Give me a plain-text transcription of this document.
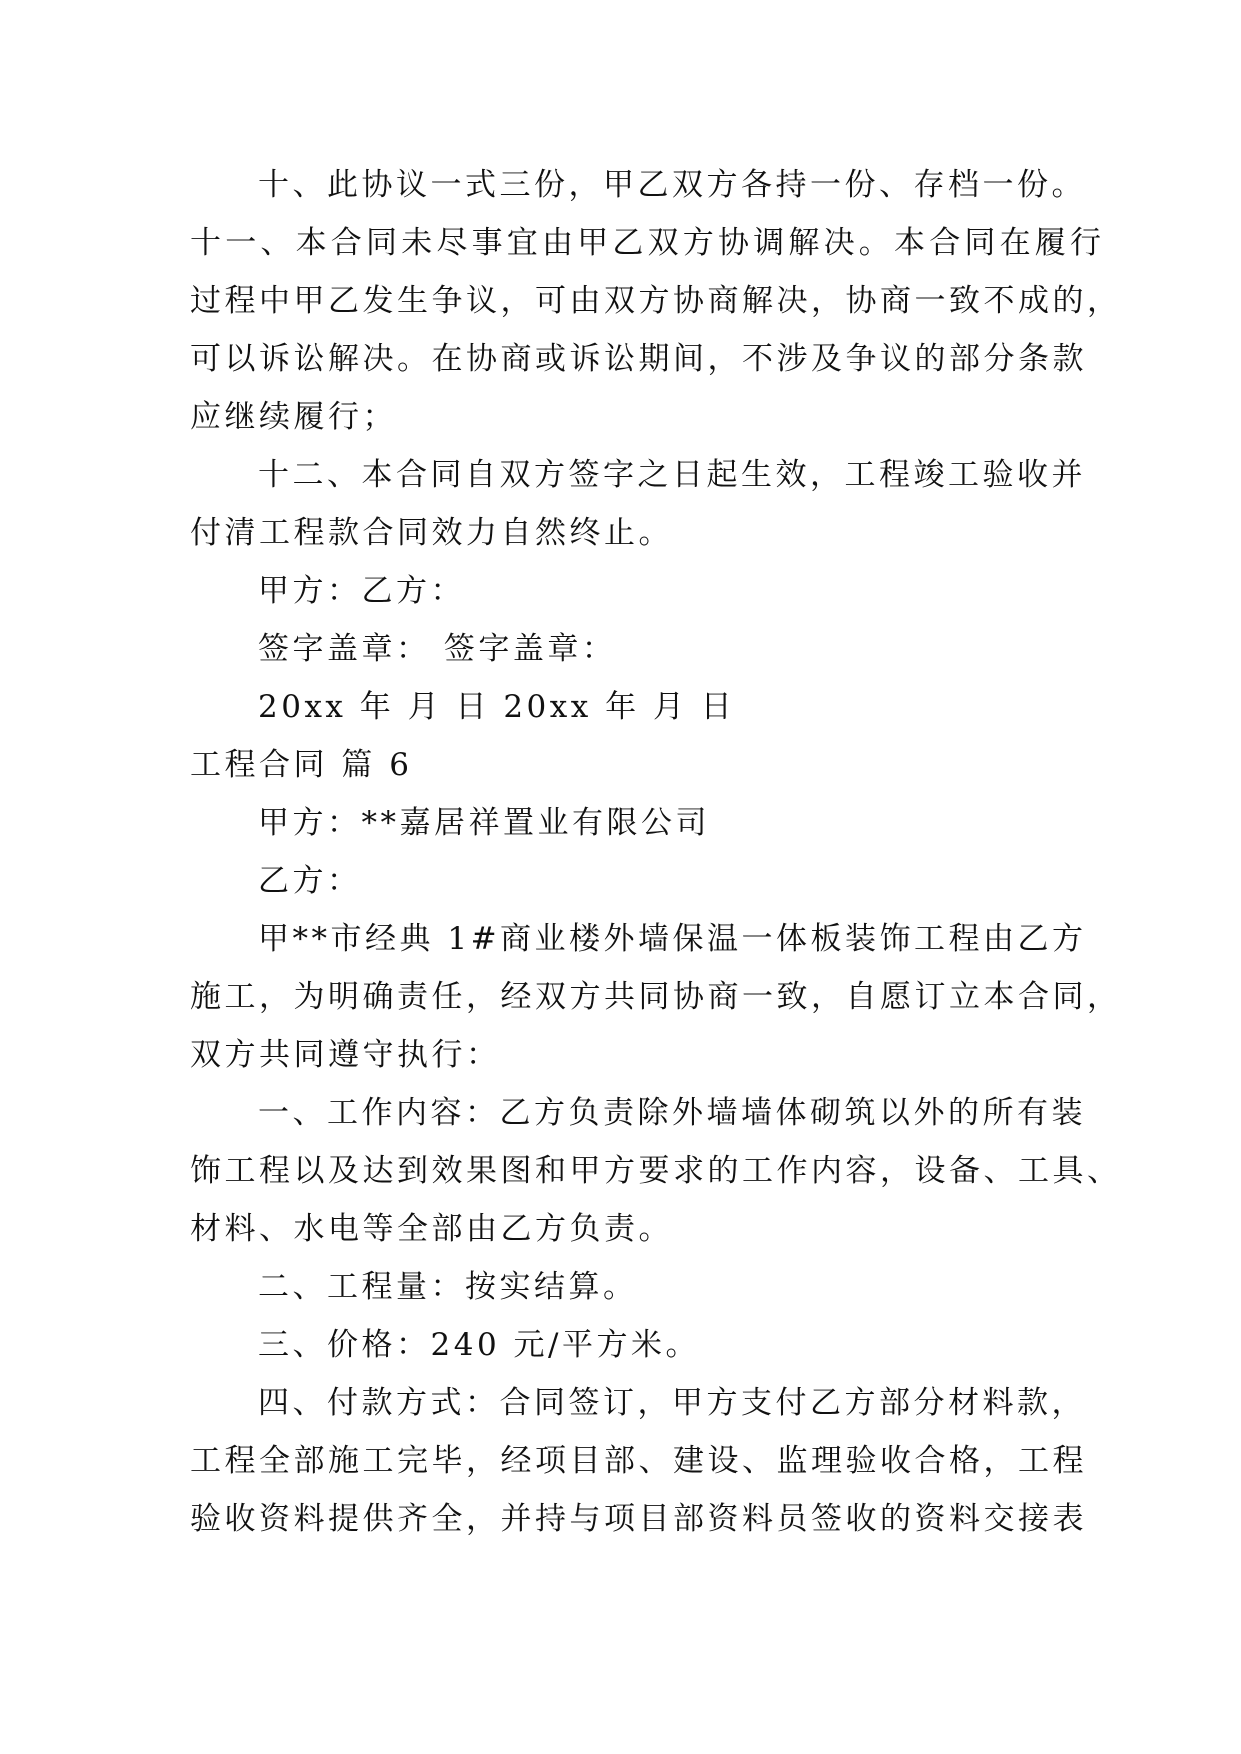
十、此协议一式三份，甲乙双方各持一份、存档一份。
十一、本合同未尽事宜由甲乙双方协调解决。本合同在履行
过程中甲乙发生争议，可由双方协商解决，协商一致不成的，
可以诉讼解决。在协商或诉讼期间，不涉及争议的部分条款
应继续履行；
十二、本合同自双方签字之日起生效，工程竣工验收并
付清工程款合同效力自然终止。
甲方：乙方：
签字盖章： 签字盖章：
20xx 年 月 日 20xx 年 月 日
工程合同 篇 6
甲方：**嘉居祥置业有限公司
乙方：
甲**市经典 1#商业楼外墙保温一体板装饰工程由乙方
施工，为明确责任，经双方共同协商一致，自愿订立本合同，
双方共同遵守执行：
一、工作内容：乙方负责除外墙墙体砌筑以外的所有装
饰工程以及达到效果图和甲方要求的工作内容，设备、工具、
材料、水电等全部由乙方负责。
二、工程量：按实结算。
三、价格：240 元/平方米。
四、付款方式：合同签订，甲方支付乙方部分材料款，
工程全部施工完毕，经项目部、建设、监理验收合格，工程
验收资料提供齐全，并持与项目部资料员签收的资料交接表
